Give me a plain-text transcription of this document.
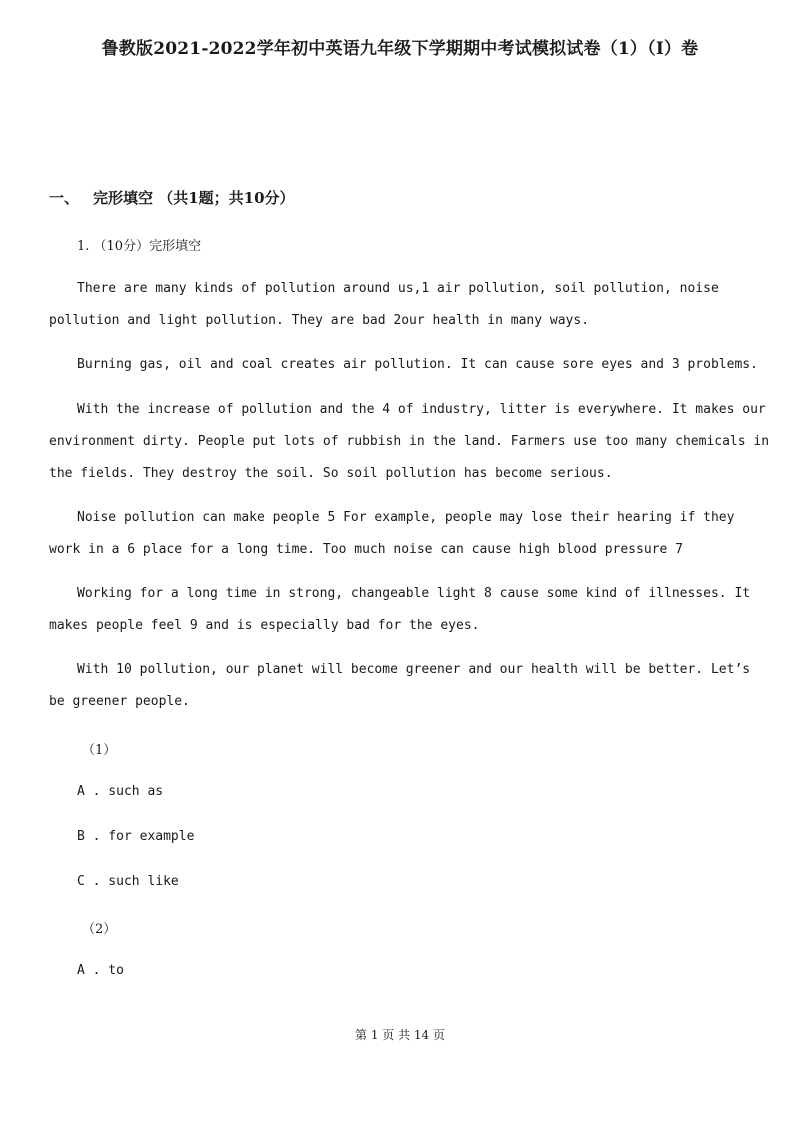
鲁教版2021-2022学年初中英语九年级下学期期中考试模拟试卷（1）（I）卷
一、 完形填空 （共1题；共10分）
1. （10分）完形填空

There are many kinds of pollution around us,1 air pollution, soil pollution, noise pollution and light pollution. They are bad 2our health in many ways.

Burning gas, oil and coal creates air pollution. It can cause sore eyes and 3 problems.

With the increase of pollution and the 4 of industry, litter is everywhere. It makes our environment dirty. People put lots of rubbish in the land. Farmers use too many chemicals in the fields. They destroy the soil. So soil pollution has become serious.

Noise pollution can make people 5 For example, people may lose their hearing if they work in a 6 place for a long time. Too much noise can cause high blood pressure 7

Working for a long time in strong, changeable light 8 cause some kind of illnesses. It makes people feel 9 and is especially bad for the eyes.

With 10 pollution, our planet will become greener and our health will be better. Let’s be greener people.

（1）
A . such as
B . for example
C . such like
（2）
A . to
第 1 页 共 14 页
